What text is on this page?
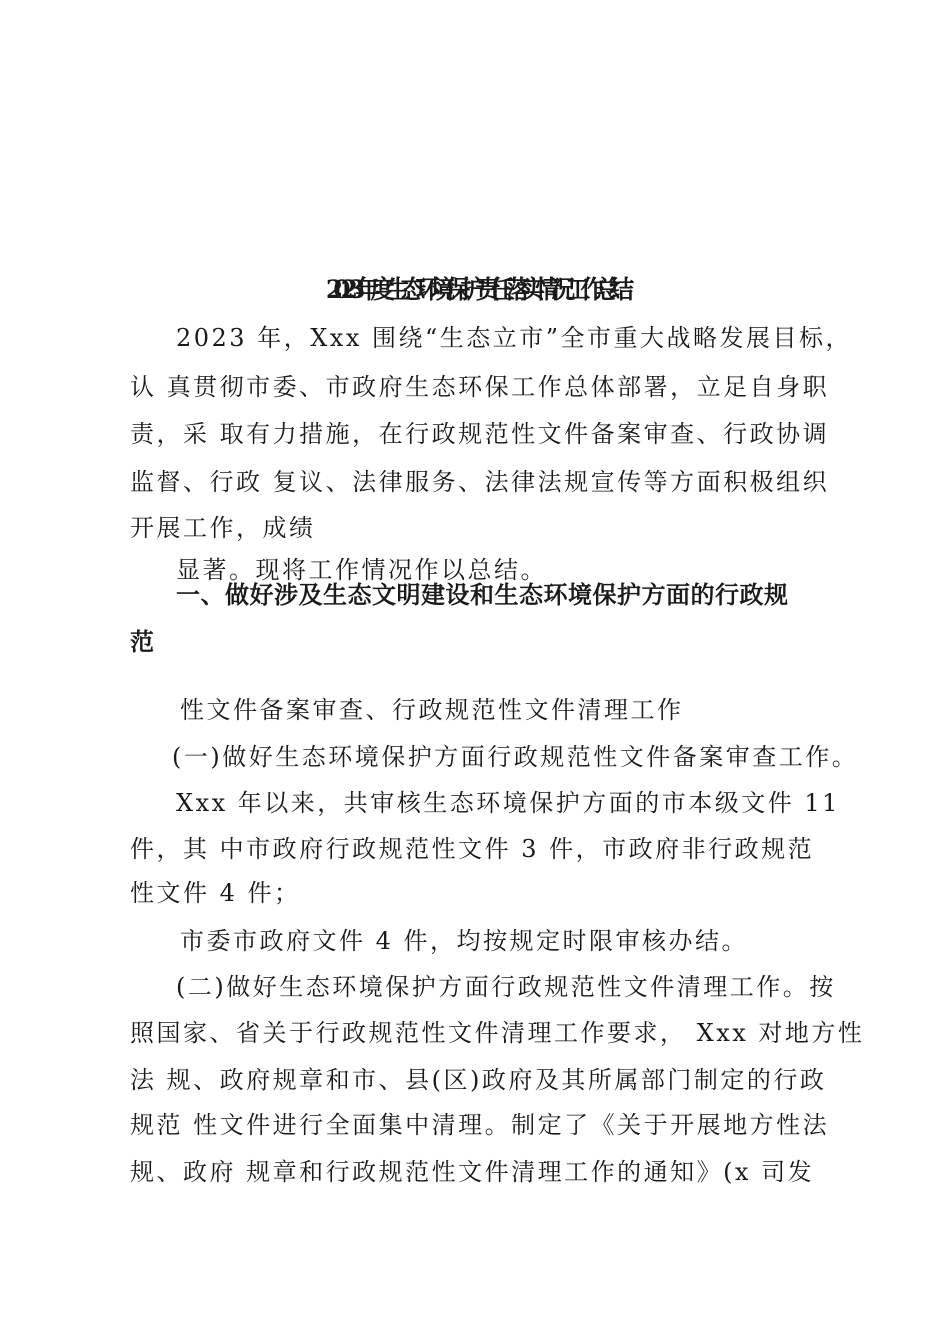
2023年度生态环境保护责任落实情况工作总 结
2023 年，Xxx 围绕“生态立市”全市重大战略发展目标，
认 真贯彻市委、市政府生态环保工作总体部署，立足自身职
责，采 取有力措施，在行政规范性文件备案审查、行政协调
监督、行政 复议、法律服务、法律法规宣传等方面积极组织
开展工作，成绩
显著。现将工作情况作以总结。
一、做好涉及生态文明建设和生态环境保护方面的行政规
范
性文件备案审查、行政规范性文件清理工作
(一)做好生态环境保护方面行政规范性文件备案审查工作。
Xxx 年以来，共审核生态环境保护方面的市本级文件 11
件，其 中市政府行政规范性文件 3 件，市政府非行政规范
性文件 4 件；
市委市政府文件 4 件，均按规定时限审核办结。
(二)做好生态环境保护方面行政规范性文件清理工作。按
照国家、省关于行政规范性文件清理工作要求， Xxx 对地方性
法 规、政府规章和市、县(区)政府及其所属部门制定的行政
规范 性文件进行全面集中清理。制定了《关于开展地方性法
规、政府 规章和行政规范性文件清理工作的通知》(x 司发
